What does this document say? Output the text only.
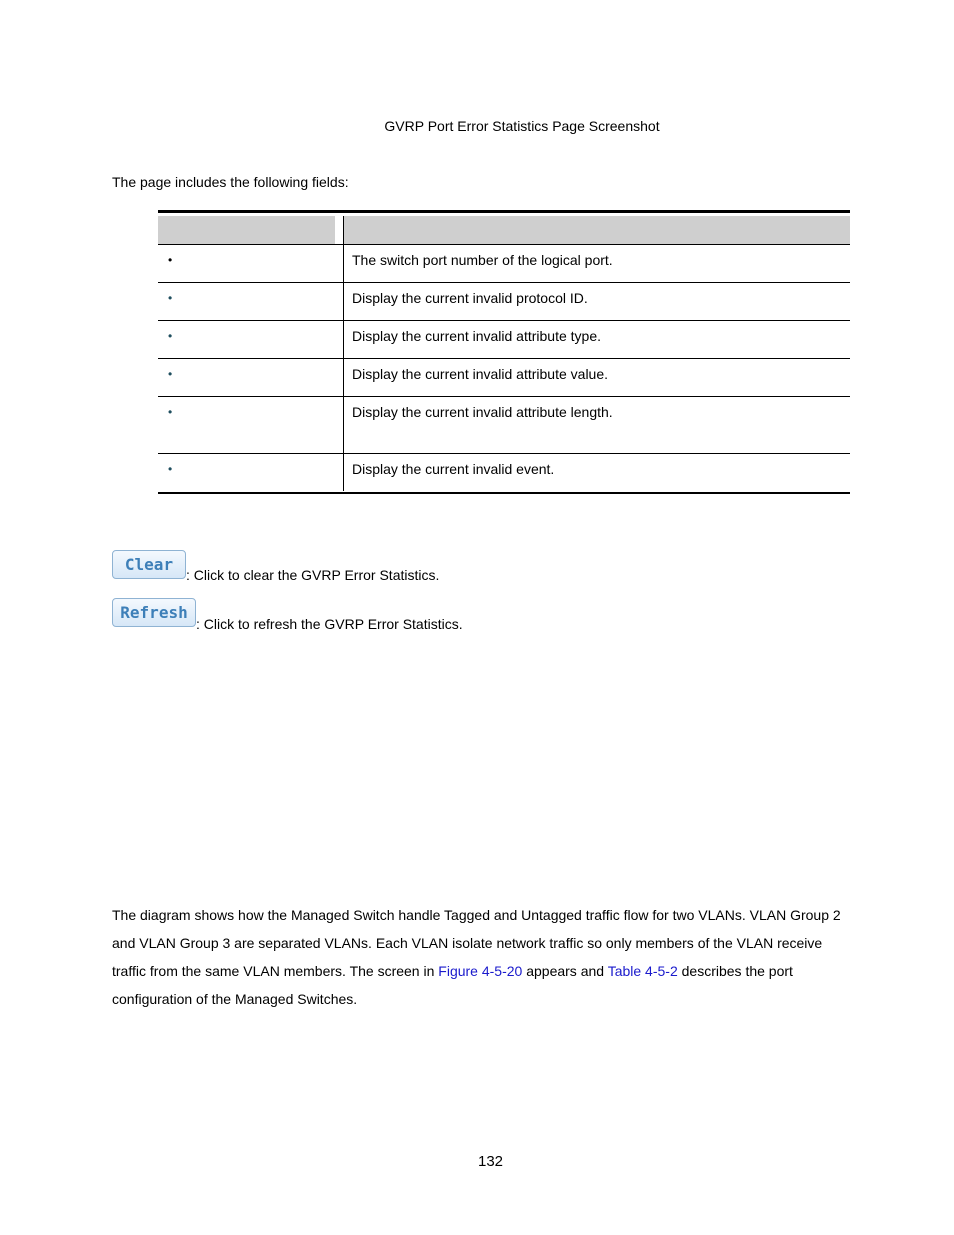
GVRP Port Error Statistics Page Screenshot
The page includes the following fields:
•	The switch port number of the logical port.
•	Display the current invalid protocol ID.
•	Display the current invalid attribute type.
•	Display the current invalid attribute value.
•	Display the current invalid attribute length.
•	Display the current invalid event.
Clear
: Click to clear the GVRP Error Statistics.
Refresh
: Click to refresh the GVRP Error Statistics.
The diagram shows how the Managed Switch handle Tagged and Untagged traffic flow for two VLANs. VLAN Group 2 and VLAN Group 3 are separated VLANs. Each VLAN isolate network traffic so only members of the VLAN receive traffic from the same VLAN members. The screen in Figure 4-5-20 appears and Table 4-5-2 describes the port configuration of the Managed Switches.
132
